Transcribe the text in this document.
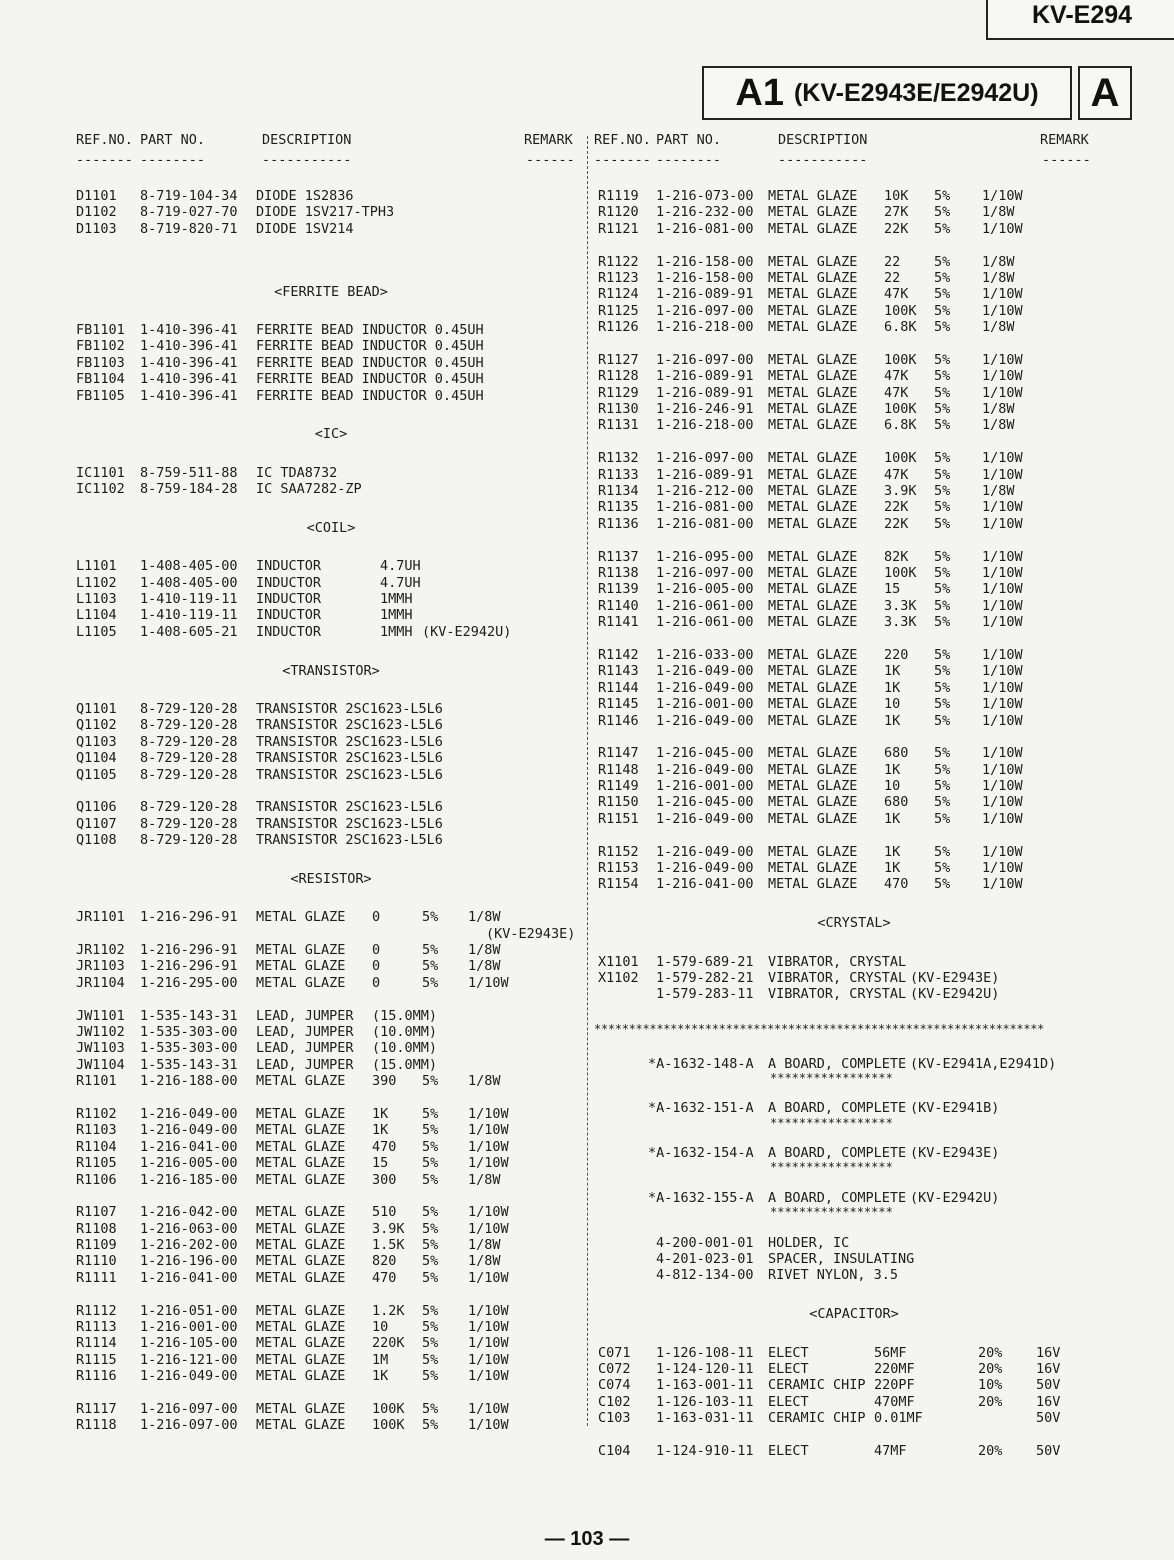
KV-E294
A1 (KV-E2943E/E2942U)	A
REF.NO. PART NO.	DESCRIPTION	REMARK
------- --------	-----------	------
D1101 8-719-104-34 DIODE 1S2836
D1102 8-719-027-70 DIODE 1SV217-TPH3
D1103 8-719-820-71 DIODE 1SV214
<FERRITE BEAD>
FB1101 1-410-396-41 FERRITE BEAD INDUCTOR 0.45UH
FB1102 1-410-396-41 FERRITE BEAD INDUCTOR 0.45UH
FB1103 1-410-396-41 FERRITE BEAD INDUCTOR 0.45UH
FB1104 1-410-396-41 FERRITE BEAD INDUCTOR 0.45UH
FB1105 1-410-396-41 FERRITE BEAD INDUCTOR 0.45UH
<IC>
IC1101 8-759-511-88 IC TDA8732
IC1102 8-759-184-28 IC SAA7282-ZP
<COIL>
L1101 1-408-405-00 INDUCTOR	4.7UH
L1102 1-408-405-00 INDUCTOR	4.7UH
L1103 1-410-119-11 INDUCTOR	1MMH
L1104 1-410-119-11 INDUCTOR	1MMH
L1105 1-408-605-21 INDUCTOR	1MMH (KV-E2942U)
<TRANSISTOR>
Q1101 8-729-120-28 TRANSISTOR 2SC1623-L5L6
Q1102 8-729-120-28 TRANSISTOR 2SC1623-L5L6
Q1103 8-729-120-28 TRANSISTOR 2SC1623-L5L6
Q1104 8-729-120-28 TRANSISTOR 2SC1623-L5L6
Q1105 8-729-120-28 TRANSISTOR 2SC1623-L5L6
Q1106 8-729-120-28 TRANSISTOR 2SC1623-L5L6
Q1107 8-729-120-28 TRANSISTOR 2SC1623-L5L6
Q1108 8-729-120-28 TRANSISTOR 2SC1623-L5L6
<RESISTOR>
JR1101 1-216-296-91 METAL GLAZE 0	5% 1/8W
(KV-E2943E)
JR1102 1-216-296-91 METAL GLAZE 0	5% 1/8W
JR1103 1-216-296-91 METAL GLAZE 0	5% 1/8W
JR1104 1-216-295-00 METAL GLAZE 0	5% 1/10W
JW1101 1-535-143-31 LEAD, JUMPER (15.0MM)
JW1102 1-535-303-00 LEAD, JUMPER (10.0MM)
JW1103 1-535-303-00 LEAD, JUMPER (10.0MM)
JW1104 1-535-143-31 LEAD, JUMPER (15.0MM)
R1101 1-216-188-00 METAL GLAZE 390 5% 1/8W
R1102 1-216-049-00 METAL GLAZE 1K 5% 1/10W
R1103 1-216-049-00 METAL GLAZE 1K 5% 1/10W
R1104 1-216-041-00 METAL GLAZE 470 5% 1/10W
R1105 1-216-005-00 METAL GLAZE 15 5% 1/10W
R1106 1-216-185-00 METAL GLAZE 300 5% 1/8W
R1107 1-216-042-00 METAL GLAZE 510 5% 1/10W
R1108 1-216-063-00 METAL GLAZE 3.9K 5% 1/10W
R1109 1-216-202-00 METAL GLAZE 1.5K 5% 1/8W
R1110 1-216-196-00 METAL GLAZE 820 5% 1/8W
R1111 1-216-041-00 METAL GLAZE 470 5% 1/10W
R1112 1-216-051-00 METAL GLAZE 1.2K 5% 1/10W
R1113 1-216-001-00 METAL GLAZE 10 5% 1/10W
R1114 1-216-105-00 METAL GLAZE 220K 5% 1/10W
R1115 1-216-121-00 METAL GLAZE 1M 5% 1/10W
R1116 1-216-049-00 METAL GLAZE 1K 5% 1/10W
R1117 1-216-097-00 METAL GLAZE 100K 5% 1/10W
R1118 1-216-097-00 METAL GLAZE 100K 5% 1/10W
REF.NO. PART NO.	DESCRIPTION	REMARK
------- --------	-----------	------
R1119 1-216-073-00 METAL GLAZE 10K 5% 1/10W
R1120 1-216-232-00 METAL GLAZE 27K 5% 1/8W
R1121 1-216-081-00 METAL GLAZE 22K 5% 1/10W
R1122 1-216-158-00 METAL GLAZE 22 5% 1/8W
R1123 1-216-158-00 METAL GLAZE 22 5% 1/8W
R1124 1-216-089-91 METAL GLAZE 47K 5% 1/10W
R1125 1-216-097-00 METAL GLAZE 100K 5% 1/10W
R1126 1-216-218-00 METAL GLAZE 6.8K 5% 1/8W
R1127 1-216-097-00 METAL GLAZE 100K 5% 1/10W
R1128 1-216-089-91 METAL GLAZE 47K 5% 1/10W
R1129 1-216-089-91 METAL GLAZE 47K 5% 1/10W
R1130 1-216-246-91 METAL GLAZE 100K 5% 1/8W
R1131 1-216-218-00 METAL GLAZE 6.8K 5% 1/8W
R1132 1-216-097-00 METAL GLAZE 100K 5% 1/10W
R1133 1-216-089-91 METAL GLAZE 47K 5% 1/10W
R1134 1-216-212-00 METAL GLAZE 3.9K 5% 1/8W
R1135 1-216-081-00 METAL GLAZE 22K 5% 1/10W
R1136 1-216-081-00 METAL GLAZE 22K 5% 1/10W
R1137 1-216-095-00 METAL GLAZE 82K 5% 1/10W
R1138 1-216-097-00 METAL GLAZE 100K 5% 1/10W
R1139 1-216-005-00 METAL GLAZE 15 5% 1/10W
R1140 1-216-061-00 METAL GLAZE 3.3K 5% 1/10W
R1141 1-216-061-00 METAL GLAZE 3.3K 5% 1/10W
R1142 1-216-033-00 METAL GLAZE 220 5% 1/10W
R1143 1-216-049-00 METAL GLAZE 1K 5% 1/10W
R1144 1-216-049-00 METAL GLAZE 1K 5% 1/10W
R1145 1-216-001-00 METAL GLAZE 10 5% 1/10W
R1146 1-216-049-00 METAL GLAZE 1K 5% 1/10W
R1147 1-216-045-00 METAL GLAZE 680 5% 1/10W
R1148 1-216-049-00 METAL GLAZE 1K 5% 1/10W
R1149 1-216-001-00 METAL GLAZE 10 5% 1/10W
R1150 1-216-045-00 METAL GLAZE 680 5% 1/10W
R1151 1-216-049-00 METAL GLAZE 1K 5% 1/10W
R1152 1-216-049-00 METAL GLAZE 1K 5% 1/10W
R1153 1-216-049-00 METAL GLAZE 1K 5% 1/10W
R1154 1-216-041-00 METAL GLAZE 470 5% 1/10W
<CRYSTAL>
X1101 1-579-689-21 VIBRATOR, CRYSTAL
X1102 1-579-282-21 VIBRATOR, CRYSTAL (KV-E2943E)
1-579-283-11 VIBRATOR, CRYSTAL (KV-E2942U)
*****************************************************************
*A-1632-148-A A BOARD, COMPLETE (KV-E2941A,E2941D)
*****************
*A-1632-151-A A BOARD, COMPLETE (KV-E2941B)
*****************
*A-1632-154-A A BOARD, COMPLETE (KV-E2943E)
*****************
*A-1632-155-A A BOARD, COMPLETE (KV-E2942U)
*****************
4-200-001-01 HOLDER, IC
4-201-023-01 SPACER, INSULATING
4-812-134-00 RIVET NYLON, 3.5
<CAPACITOR>
C071 1-126-108-11 ELECT	56MF	20% 16V
C072 1-124-120-11 ELECT	220MF	20% 16V
C074 1-163-001-11 CERAMIC CHIP 220PF	10% 50V
C102 1-126-103-11 ELECT	470MF	20% 16V
C103 1-163-031-11 CERAMIC CHIP 0.01MF	50V
C104 1-124-910-11 ELECT	47MF	20% 50V
— 103 —
